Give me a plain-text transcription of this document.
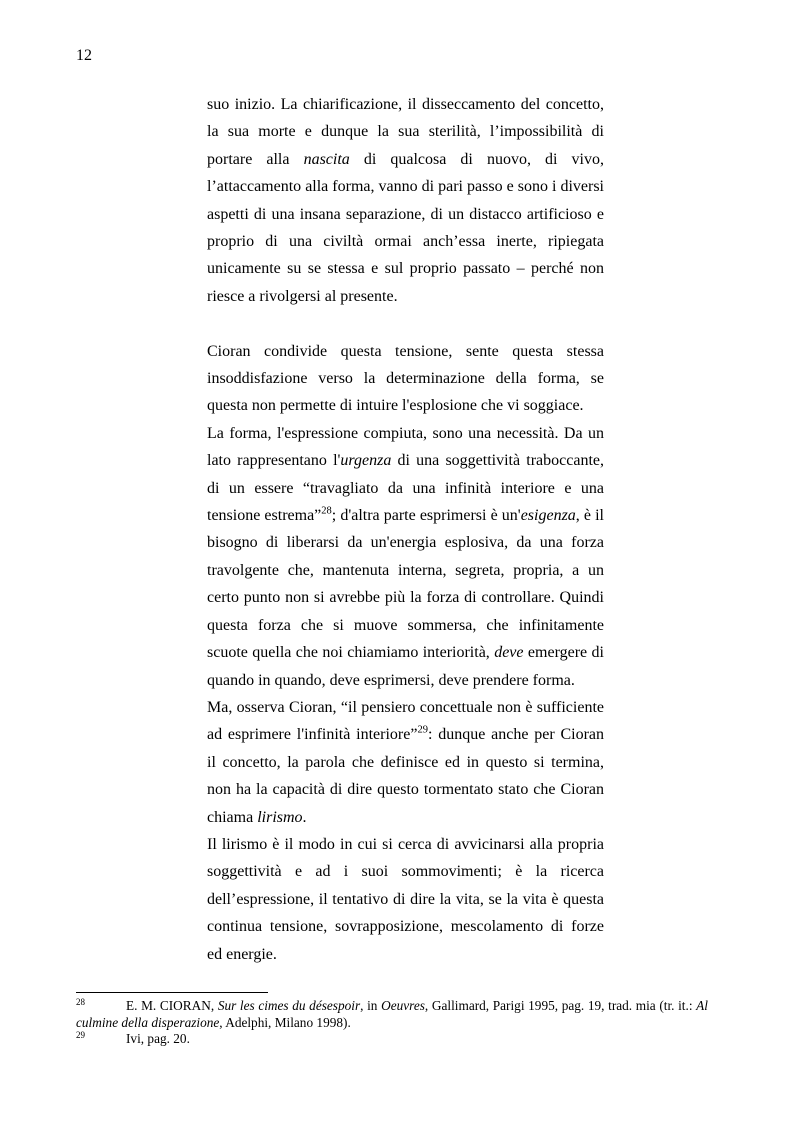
12

suo inizio. La chiarificazione, il disseccamento del concetto, la sua morte e dunque la sua sterilità, l’impossibilità di portare alla nascita di qualcosa di nuovo, di vivo, l’attaccamento alla forma, vanno di pari passo e sono i diversi aspetti di una insana separazione, di un distacco artificioso e proprio di una civiltà ormai anch’essa inerte, ripiegata unicamente su se stessa e sul proprio passato – perché non riesce a rivolgersi al presente.

Cioran condivide questa tensione, sente questa stessa insoddisfazione verso la determinazione della forma, se questa non permette di intuire l'esplosione che vi soggiace.

La forma, l'espressione compiuta, sono una necessità. Da un lato rappresentano l'urgenza di una soggettività traboccante, di un essere “travagliato da una infinità interiore e una tensione estrema”$^{28}$; d'altra parte esprimersi è un'esigenza, è il bisogno di liberarsi da un'energia esplosiva, da una forza travolgente che, mantenuta interna, segreta, propria, a un certo punto non si avrebbe più la forza di controllare. Quindi questa forza che si muove sommersa, che infinitamente scuote quella che noi chiamiamo interiorità, deve emergere di quando in quando, deve esprimersi, deve prendere forma.

Ma, osserva Cioran, “il pensiero concettuale non è sufficiente ad esprimere l'infinità interiore”$^{29}$: dunque anche per Cioran il concetto, la parola che definisce ed in questo si termina, non ha la capacità di dire questo tormentato stato che Cioran chiama lirismo.

Il lirismo è il modo in cui si cerca di avvicinarsi alla propria soggettività e ad i suoi sommovimenti; è la ricerca dell’espressione, il tentativo di dire la vita, se la vita è questa continua tensione, sovrapposizione, mescolamento di forze ed energie.

28	E. M. CIORAN, Sur les cimes du désespoir, in Oeuvres, Gallimard, Parigi 1995, pag. 19, trad. mia (tr. it.: Al culmine della disperazione, Adelphi, Milano 1998).

29	Ivi, pag. 20.
